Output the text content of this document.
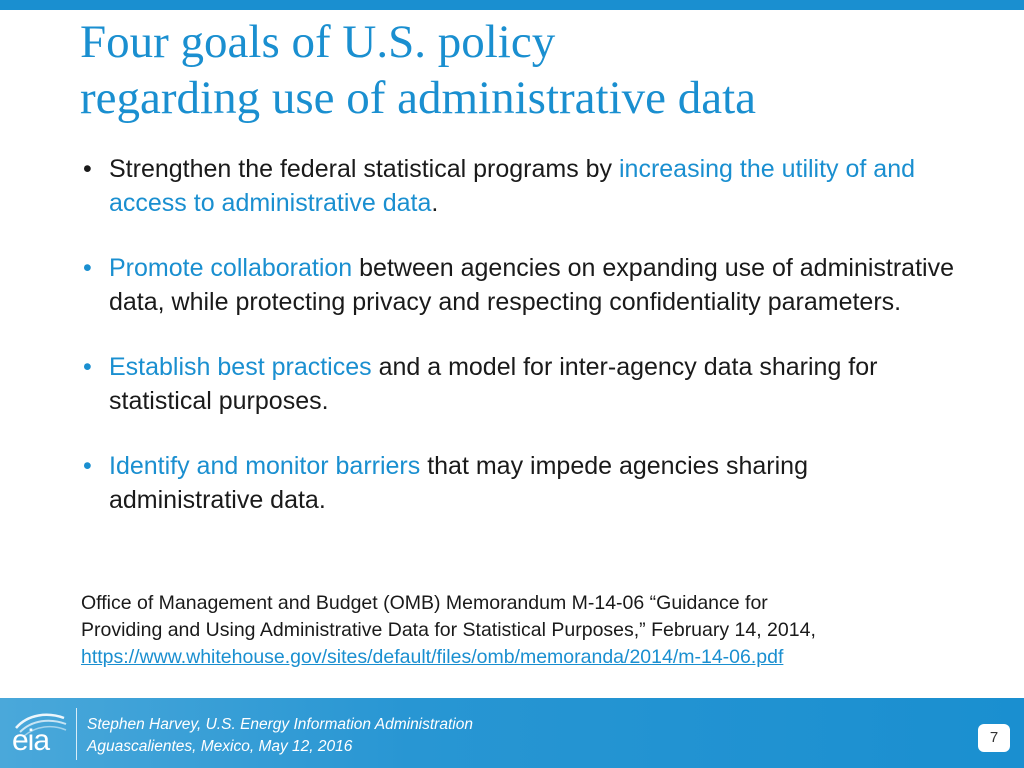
Four goals of U.S. policy
regarding use of administrative data
• Strengthen the federal statistical programs by increasing the utility of and access to administrative data.
• Promote collaboration between agencies on expanding use of administrative data, while protecting privacy and respecting confidentiality parameters.
• Establish best practices and a model for inter-agency data sharing for statistical purposes.
• Identify and monitor barriers that may impede agencies sharing administrative data.
Office of Management and Budget (OMB) Memorandum M-14-06 “Guidance for
Providing and Using Administrative Data for Statistical Purposes,” February 14, 2014,
https://www.whitehouse.gov/sites/default/files/omb/memoranda/2014/m-14-06.pdf
eia Stephen Harvey, U.S. Energy Information Administration
Aguascalientes, Mexico, May 12, 2016
7
